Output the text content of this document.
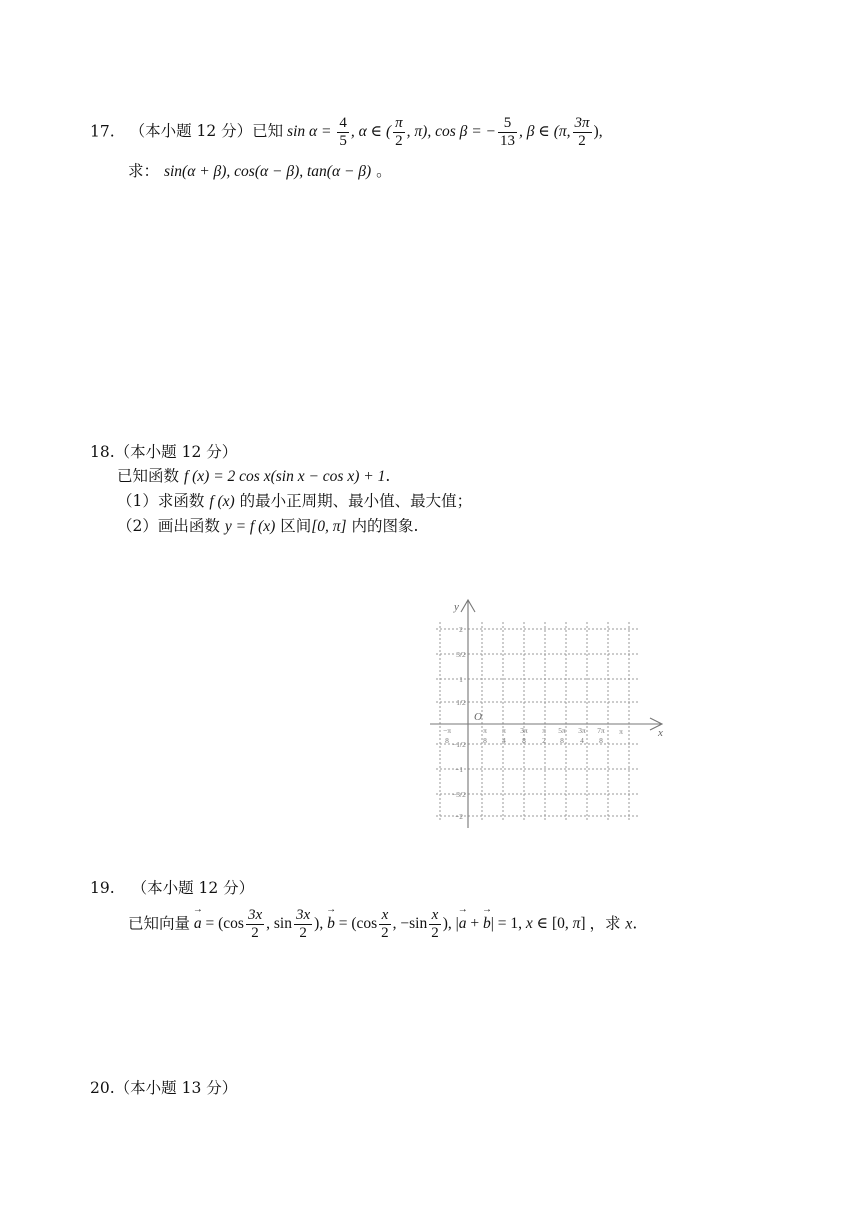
17. （本小题 12 分）已知 $\sin \alpha = \frac{4}{5}$ , α ∈ ( $\frac{\pi}{2}$ , π), cos β = − $\frac{5}{13}$ , β ∈ (π, $\frac{3\pi}{2}$ ),
求： sin(α + β), cos(α − β), tan(α − β) 。
18.（本小题 12 分）
已知函数 f (x) = 2 cos x(sin x − cos x) + 1.
（1）求函数 f (x) 的最小正周期、最小值、最大值；
（2）画出函数 y = f (x) 区间[0, π] 内的图象.
y
x
O
−π
8
π
8
π
4
3π
8
π
2
5π
8
3π
4
7π
8
π
2
3/2
1
1/2
−1/2
−1
−3/2
−2
19. （本小题 12 分）
已知向量 → $a = (\cos \frac{3x}{2}$ , $\sin \frac{3x}{2}$ ), → $b = (\cos \frac{x}{2}$ , $-\sin \frac{x}{2}$ ), |→ a + → b| = 1, x ∈ [0, π] ，求 x.
20.（本小题 13 分）
